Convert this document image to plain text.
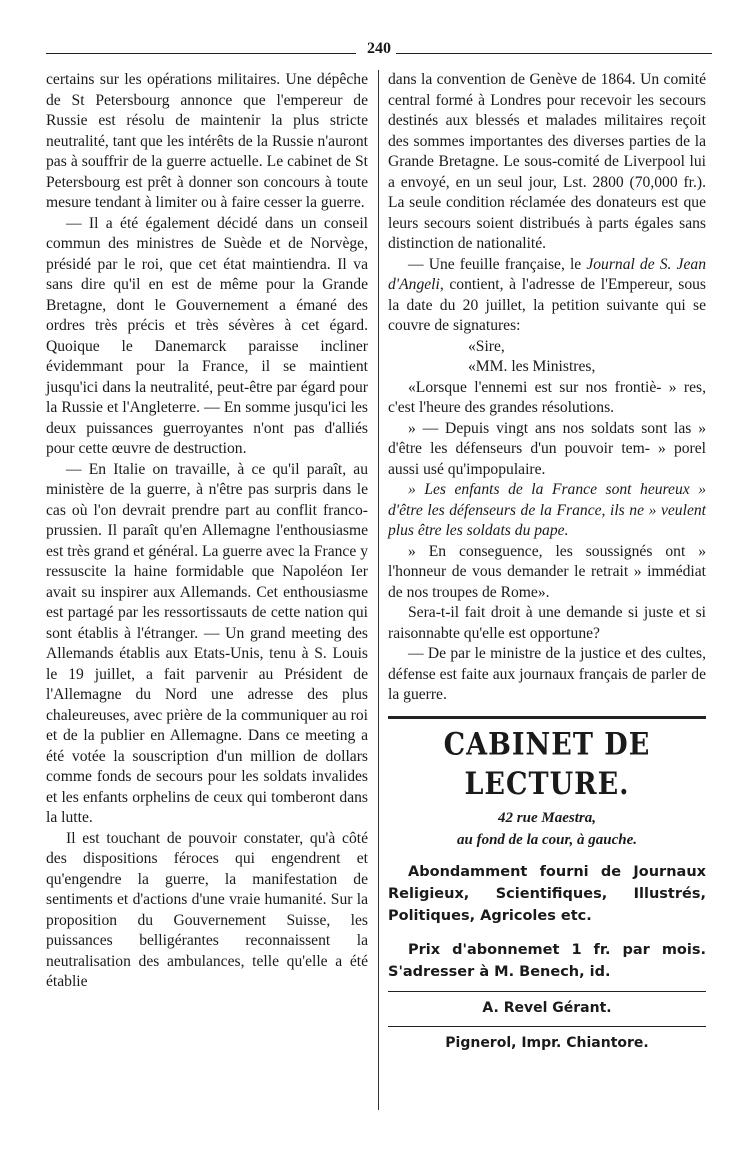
240

certains sur les opérations militaires. Une dépêche de St Petersbourg annonce que l'empereur de Russie est résolu de maintenir la plus stricte neutralité, tant que les intérêts de la Russie n'auront pas à souffrir de la guerre actuelle. Le cabinet de St Petersbourg est prêt à donner son concours à toute mesure tendant à limiter ou à faire cesser la guerre.

— Il a été également décidé dans un conseil commun des ministres de Suède et de Norvège, présidé par le roi, que cet état maintiendra. Il va sans dire qu'il en est de même pour la Grande Bretagne, dont le Gouvernement a émané des ordres très précis et très sévères à cet égard. Quoique le Danemarck paraisse incliner évidemmant pour la France, il se maintient jusqu'ici dans la neutralité, peut-être par égard pour la Russie et l'Angleterre. — En somme jusqu'ici les deux puissances guerroyantes n'ont pas d'alliés pour cette œuvre de destruction.

— En Italie on travaille, à ce qu'il paraît, au ministère de la guerre, à n'être pas surpris dans le cas où l'on devrait prendre part au conflit franco-prussien. Il paraît qu'en Allemagne l'enthousiasme est très grand et général. La guerre avec la France y ressuscite la haine formidable que Napoléon Ier avait su inspirer aux Allemands. Cet enthousiasme est partagé par les ressortissauts de cette nation qui sont établis à l'étranger. — Un grand meeting des Allemands établis aux Etats-Unis, tenu à S. Louis le 19 juillet, a fait parvenir au Président de l'Allemagne du Nord une adresse des plus chaleureuses, avec prière de la communiquer au roi et de la publier en Allemagne. Dans ce meeting a été votée la souscription d'un million de dollars comme fonds de secours pour les soldats invalides et les enfants orphelins de ceux qui tomberont dans la lutte.

Il est touchant de pouvoir constater, qu'à côté des dispositions féroces qui engendrent et qu'engendre la guerre, la manifestation de sentiments et d'actions d'une vraie humanité. Sur la proposition du Gouvernement Suisse, les puissances belligérantes reconnaissent la neutralisation des ambulances, telle qu'elle a été établie

dans la convention de Genève de 1864. Un comité central formé à Londres pour recevoir les secours destinés aux blessés et malades militaires reçoit des sommes importantes des diverses parties de la Grande Bretagne. Le sous-comité de Liverpool lui a envoyé, en un seul jour, Lst. 2800 (70,000 fr.). La seule condition réclamée des donateurs est que leurs secours soient distribués à parts égales sans distinction de nationalité.

— Une feuille française, le Journal de S. Jean d'Angeli, contient, à l'adresse de l'Empereur, sous la date du 20 juillet, la petition suivante qui se couvre de signatures:

«Sire,

«MM. les Ministres,

«Lorsque l'ennemi est sur nos frontiè- » res, c'est l'heure des grandes résolutions.

» — Depuis vingt ans nos soldats sont las » d'être les défenseurs d'un pouvoir tem- » porel aussi usé qu'impopulaire.

» Les enfants de la France sont heureux » d'être les défenseurs de la France, ils ne » veulent plus être les soldats du pape.

» En conseguence, les soussignés ont » l'honneur de vous demander le retrait » immédiat de nos troupes de Rome».

Sera-t-il fait droit à une demande si juste et si raisonnabte qu'elle est opportune?

— De par le ministre de la justice et des cultes, défense est faite aux journaux français de parler de la guerre.

CABINET DE LECTURE.
42 rue Maestra,
au fond de la cour, à gauche.

Abondamment fourni de Journaux Religieux, Scientifiques, Illustrés, Politiques, Agricoles etc.

Prix d'abonnemet 1 fr. par mois. S'adresser à M. Benech, id.

A. Revel Gérant.
Pignerol, Impr. Chiantore.
